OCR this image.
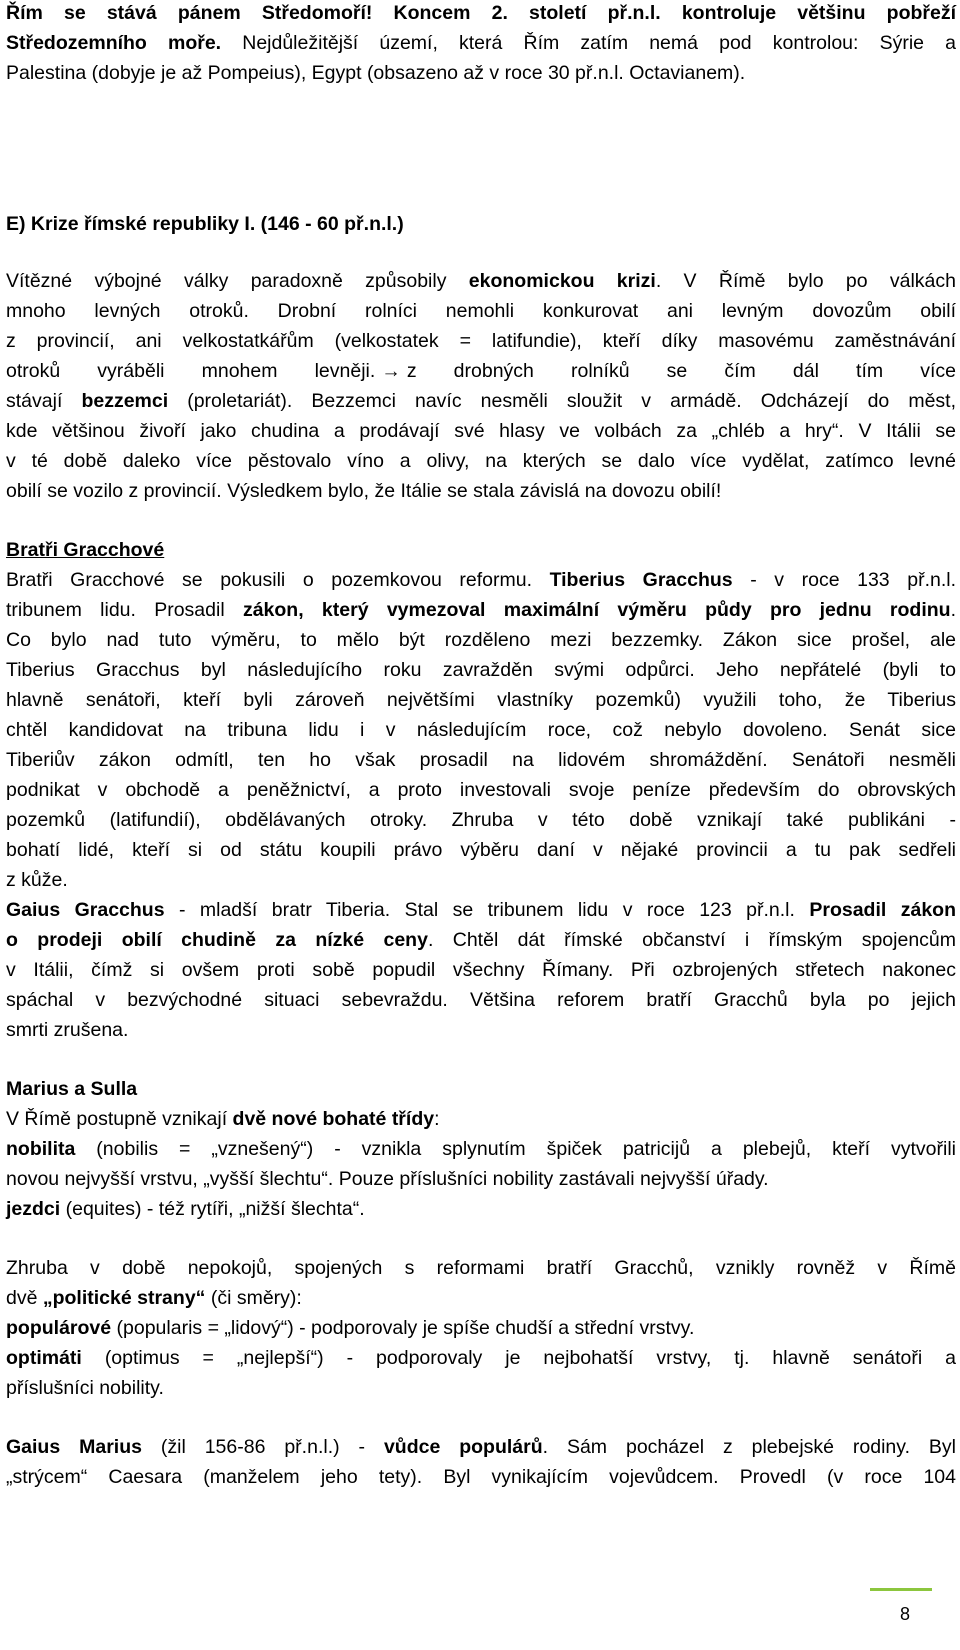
Řím se stává pánem Středomoří! Koncem 2. století př.n.l. kontroluje většinu pobřeží
Středozemního moře. Nejdůležitější území, která Řím zatím nemá pod kontrolou: Sýrie a
Palestina (dobyje je až Pompeius), Egypt (obsazeno až v roce 30 př.n.l. Octavianem).
E) Krize římské republiky I. (146 - 60 př.n.l.)
Vítězné výbojné války paradoxně způsobily ekonomickou krizi. V Římě bylo po válkách
mnoho levných otroků. Drobní rolníci nemohli konkurovat ani levným dovozům obilí
z provincií, ani velkostatkářům (velkostatek = latifundie), kteří díky masovému zaměstnávání
otroků vyráběli mnohem levněji. → z drobných rolníků se čím dál tím více
stávají bezzemci (proletariát). Bezzemci navíc nesměli sloužit v armádě. Odcházejí do měst,
kde většinou živoří jako chudina a prodávají své hlasy ve volbách za „chléb a hry“. V Itálii se
v té době daleko více pěstovalo víno a olivy, na kterých se dalo více vydělat, zatímco levné
obilí se vozilo z provincií. Výsledkem bylo, že Itálie se stala závislá na dovozu obilí!
Bratři Gracchové
Bratři Gracchové se pokusili o pozemkovou reformu. Tiberius Gracchus - v roce 133 př.n.l.
tribunem lidu. Prosadil zákon, který vymezoval maximální výměru půdy pro jednu rodinu.
Co bylo nad tuto výměru, to mělo být rozděleno mezi bezzemky. Zákon sice prošel, ale
Tiberius Gracchus byl následujícího roku zavražděn svými odpůrci. Jeho nepřátelé (byli to
hlavně senátoři, kteří byli zároveň největšími vlastníky pozemků) využili toho, že Tiberius
chtěl kandidovat na tribuna lidu i v následujícím roce, což nebylo dovoleno. Senát sice
Tiberiův zákon odmítl, ten ho však prosadil na lidovém shromáždění. Senátoři nesměli
podnikat v obchodě a peněžnictví, a proto investovali svoje peníze především do obrovských
pozemků (latifundií), obdělávaných otroky. Zhruba v této době vznikají také publikáni -
bohatí lidé, kteří si od státu koupili právo výběru daní v nějaké provincii a tu pak sedřeli
z kůže.
Gaius Gracchus - mladší bratr Tiberia. Stal se tribunem lidu v roce 123 př.n.l. Prosadil zákon
o prodeji obilí chudině za nízké ceny. Chtěl dát římské občanství i římským spojencům
v Itálii, čímž si ovšem proti sobě popudil všechny Římany. Při ozbrojených střetech nakonec
spáchal v bezvýchodné situaci sebevraždu. Většina reforem bratří Gracchů byla po jejich
smrti zrušena.
Marius a Sulla
V Římě postupně vznikají dvě nové bohaté třídy:
nobilita (nobilis = „vznešený“) - vznikla splynutím špiček patricijů a plebejů, kteří vytvořili
novou nejvyšší vrstvu, „vyšší šlechtu“. Pouze příslušníci nobility zastávali nejvyšší úřady.
jezdci (equites) - též rytíři, „nižší šlechta“.
Zhruba v době nepokojů, spojených s reformami bratří Gracchů, vznikly rovněž v Římě
dvě „politické strany“ (či směry):
populárové (popularis = „lidový“) - podporovaly je spíše chudší a střední vrstvy.
optimáti (optimus = „nejlepší“) - podporovaly je nejbohatší vrstvy, tj. hlavně senátoři a
příslušníci nobility.
Gaius Marius (žil 156-86 př.n.l.) - vůdce populárů. Sám pocházel z plebejské rodiny. Byl
„strýcem“ Caesara (manželem jeho tety). Byl vynikajícím vojevůdcem. Provedl (v roce 104
8
